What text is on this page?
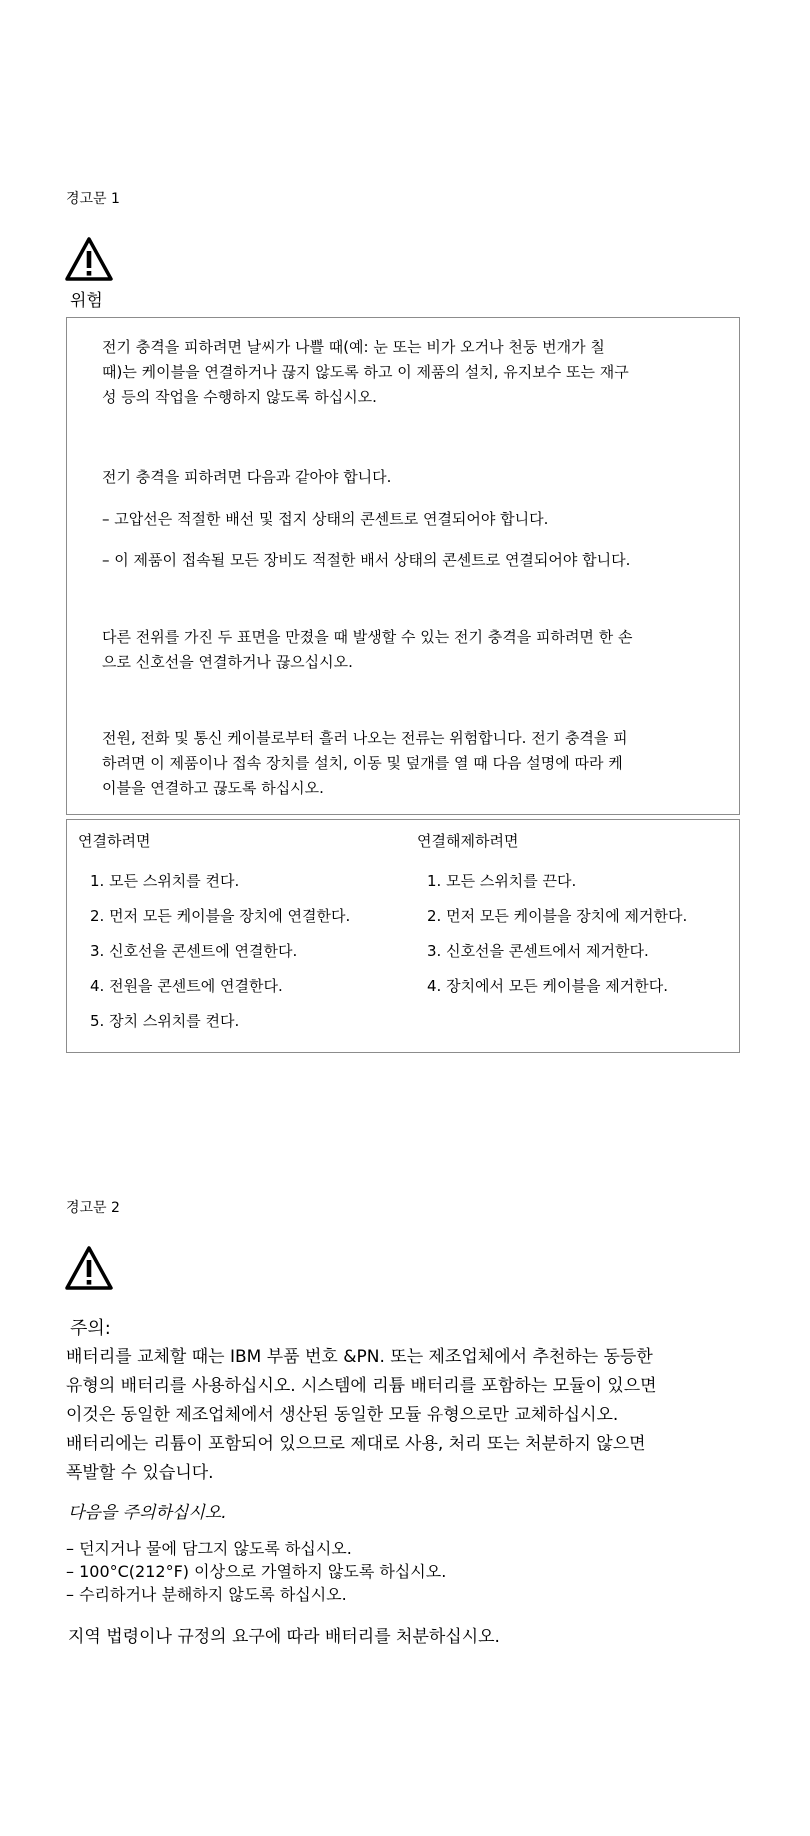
경고문 1
위험
전기 충격을 피하려면 날씨가 나쁠 때(예: 눈 또는 비가 오거나 천둥 번개가 칠
때)는 케이블을 연결하거나 끊지 않도록 하고 이 제품의 설치, 유지보수 또는 재구
성 등의 작업을 수행하지 않도록 하십시오.
전기 충격을 피하려면 다음과 같아야 합니다.
– 고압선은 적절한 배선 및 접지 상태의 콘센트로 연결되어야 합니다.
– 이 제품이 접속될 모든 장비도 적절한 배서 상태의 콘센트로 연결되어야 합니다.
다른 전위를 가진 두 표면을 만졌을 때 발생할 수 있는 전기 충격을 피하려면 한 손
으로 신호선을 연결하거나 끊으십시오.
전원, 전화 및 통신 케이블로부터 흘러 나오는 전류는 위험합니다. 전기 충격을 피
하려면 이 제품이나 접속 장치를 설치, 이동 및 덮개를 열 때 다음 설명에 따라 케
이블을 연결하고 끊도록 하십시오.
연결하려면	연결해제하려면
1. 모든 스위치를 켠다.
2. 먼저 모든 케이블을 장치에 연결한다.
3. 신호선을 콘센트에 연결한다.
4. 전원을 콘센트에 연결한다.
5. 장치 스위치를 켠다.
1. 모든 스위치를 끈다.
2. 먼저 모든 케이블을 장치에 제거한다.
3. 신호선을 콘센트에서 제거한다.
4. 장치에서 모든 케이블을 제거한다.
경고문 2
주의:
배터리를 교체할 때는 IBM 부품 번호 &PN. 또는 제조업체에서 추천하는 동등한
유형의 배터리를 사용하십시오. 시스템에 리튬 배터리를 포함하는 모듈이 있으면
이것은 동일한 제조업체에서 생산된 동일한 모듈 유형으로만 교체하십시오.
배터리에는 리튬이 포함되어 있으므로 제대로 사용, 처리 또는 처분하지 않으면
폭발할 수 있습니다.
다음을 주의하십시오.
– 던지거나 물에 담그지 않도록 하십시오.
– 100°C(212°F) 이상으로 가열하지 않도록 하십시오.
– 수리하거나 분해하지 않도록 하십시오.
지역 법령이나 규정의 요구에 따라 배터리를 처분하십시오.
